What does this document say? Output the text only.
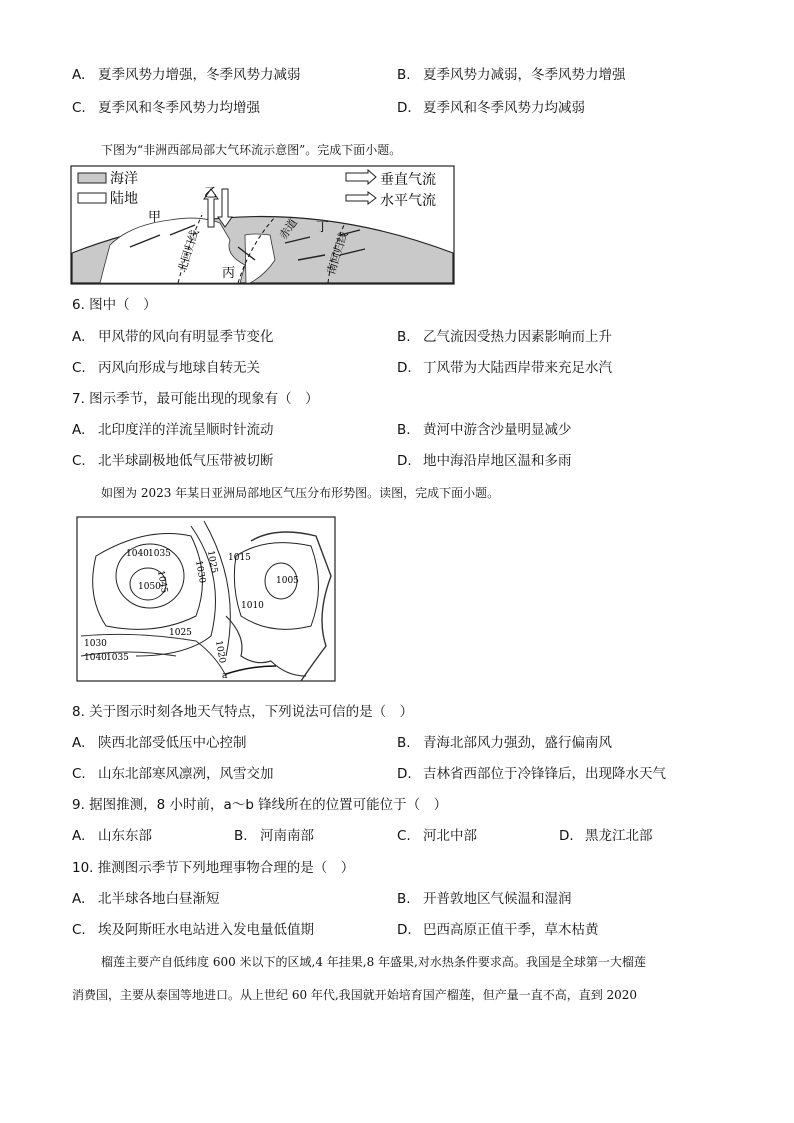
A. 夏季风势力增强，冬季风势力减弱	B. 夏季风势力减弱，冬季风势力增强
C. 夏季风和冬季风势力均增强	D. 夏季风和冬季风势力均减弱
下图为“非洲西部局部大气环流示意图”。完成下面小题。
北回归线	赤道
南回归线
海洋
陆地
垂直气流
水平气流
甲
乙
丙
丁
6. 图中（　）
A. 甲风带的风向有明显季节变化	B. 乙气流因受热力因素影响而上升
C. 丙风向形成与地球自转无关	D. 丁风带为大陆西岸带来充足水汽
7. 图示季节，最可能出现的现象有（　）
A. 北印度洋的洋流呈顺时针流动	B. 黄河中游含沙量明显减少
C. 北半球副极地低气压带被切断	D. 地中海沿岸地区温和多雨
如图为 2023 年某日亚洲局部地区气压分布形势图。读图，完成下面小题。
a
1040 1035
1045
1050
1030
1025 1015
1005
1010
1025
1030
1040 1035	1020
8. 关于图示时刻各地天气特点，下列说法可信的是（　）
A. 陕西北部受低压中心控制	B. 青海北部风力强劲，盛行偏南风
C. 山东北部寒风凛冽，风雪交加	D. 吉林省西部位于冷锋锋后，出现降水天气
9. 据图推测，8 小时前，a～b 锋线所在的位置可能位于（　）
A. 山东东部	B. 河南南部	C. 河北中部	D. 黑龙江北部
10. 推测图示季节下列地理事物合理的是（　）
A. 北半球各地白昼渐短	B. 开普敦地区气候温和湿润
C. 埃及阿斯旺水电站进入发电量低值期	D. 巴西高原正值干季，草木枯黄
榴莲主要产自低纬度 600 米以下的区域,4 年挂果,8 年盛果,对水热条件要求高。我国是全球第一大榴莲
消费国，主要从泰国等地进口。从上世纪 60 年代,我国就开始培育国产榴莲，但产量一直不高，直到 2020
